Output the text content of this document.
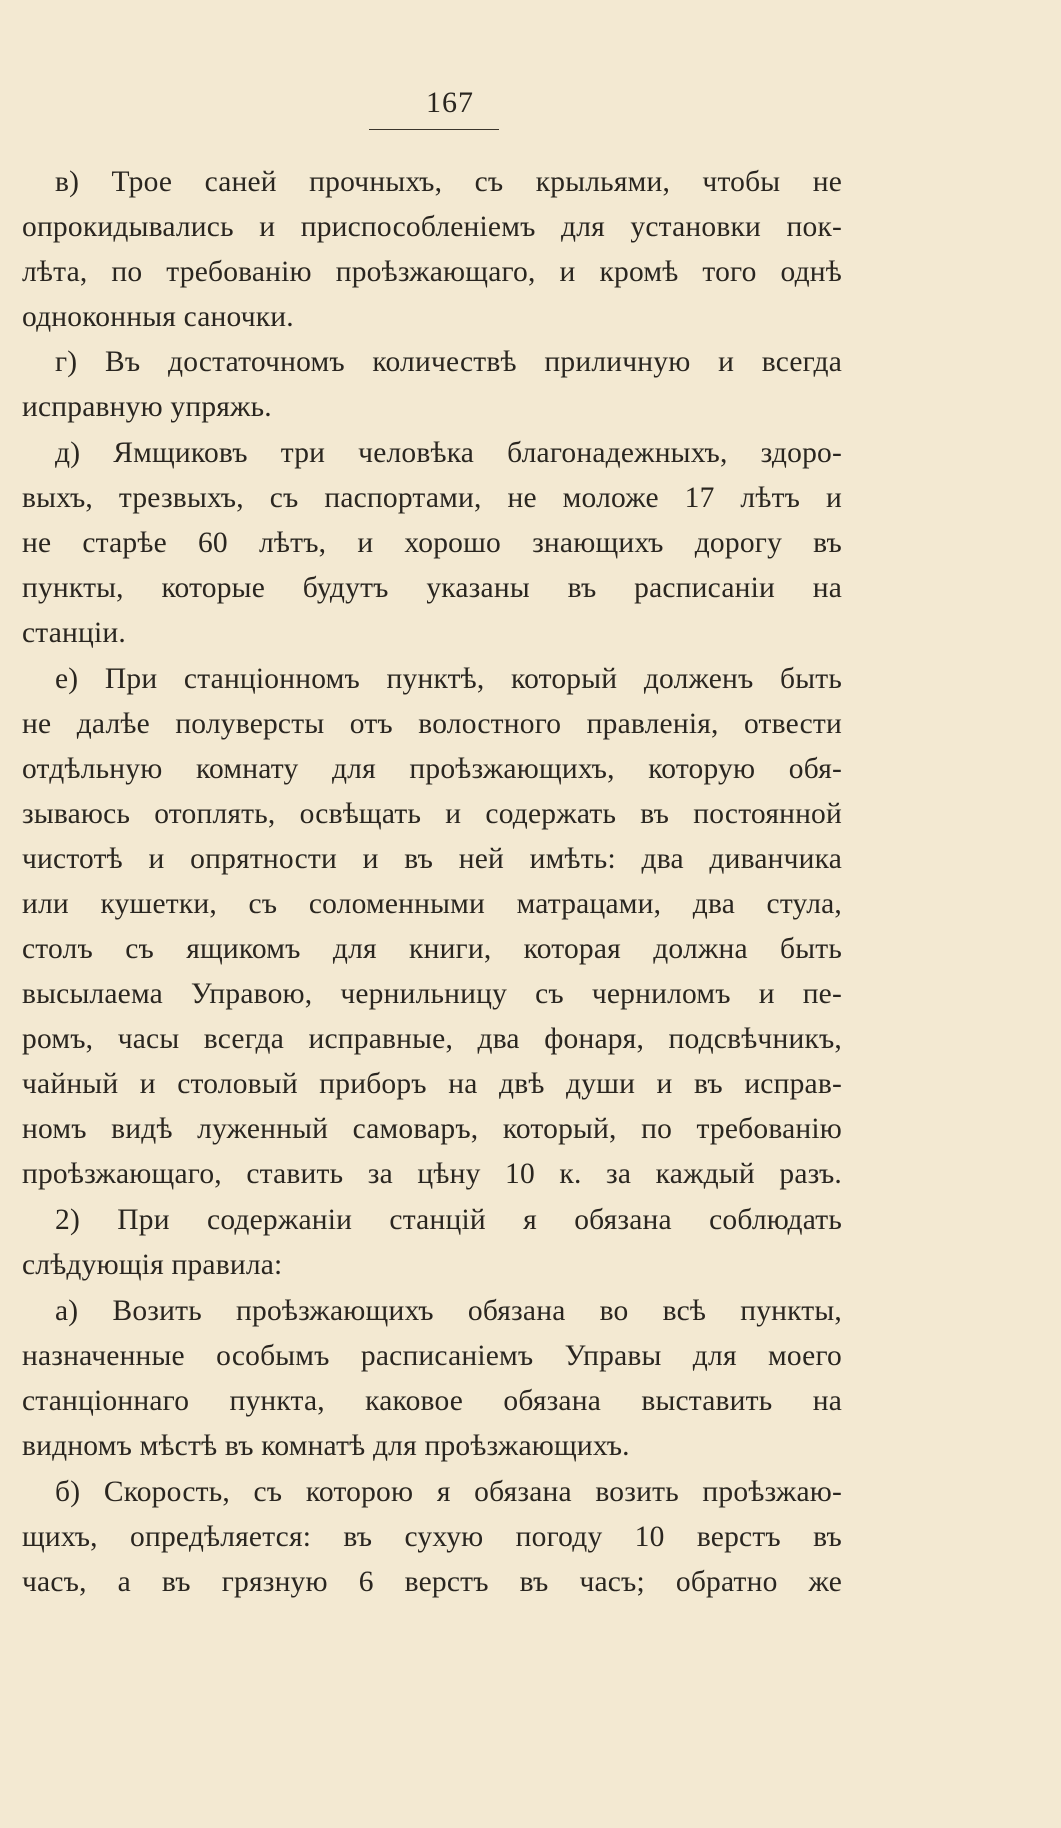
167
в) Трое саней прочныхъ, съ крыльями, чтобы не
опрокидывались и приспособленіемъ для установки пок-
лѣта, по требованію проѣзжающаго, и кромѣ того однѣ
одноконныя саночки.
г) Въ достаточномъ количествѣ приличную и всегда
исправную упряжь.
д) Ямщиковъ три человѣка благонадежныхъ, здоро-
выхъ, трезвыхъ, съ паспортами, не моложе 17 лѣтъ и
не старѣе 60 лѣтъ, и хорошо знающихъ дорогу въ
пункты, которые будутъ указаны въ расписаніи на
станціи.
е) При станціонномъ пунктѣ, который долженъ быть
не далѣе полуверсты отъ волостного правленія, отвести
отдѣльную комнату для проѣзжающихъ, которую обя-
зываюсь отоплять, освѣщать и содержать въ постоянной
чистотѣ и опрятности и въ ней имѣть: два диванчика
или кушетки, съ соломенными матрацами, два стула,
столъ съ ящикомъ для книги, которая должна быть
высылаема Управою, чернильницу съ черниломъ и пе-
ромъ, часы всегда исправные, два фонаря, подсвѣчникъ,
чайный и столовый приборъ на двѣ души и въ исправ-
номъ видѣ луженный самоваръ, который, по требованію
проѣзжающаго, ставить за цѣну 10 к. за каждый разъ.
2) При содержаніи станцій я обязана соблюдать
слѣдующія правила:
а) Возить проѣзжающихъ обязана во всѣ пункты,
назначенные особымъ расписаніемъ Управы для моего
станціоннаго пункта, каковое обязана выставить на
видномъ мѣстѣ въ комнатѣ для проѣзжающихъ.
б) Скорость, съ которою я обязана возить проѣзжаю-
щихъ, опредѣляется: въ сухую погоду 10 верстъ въ
часъ, а въ грязную 6 верстъ въ часъ; обратно же
